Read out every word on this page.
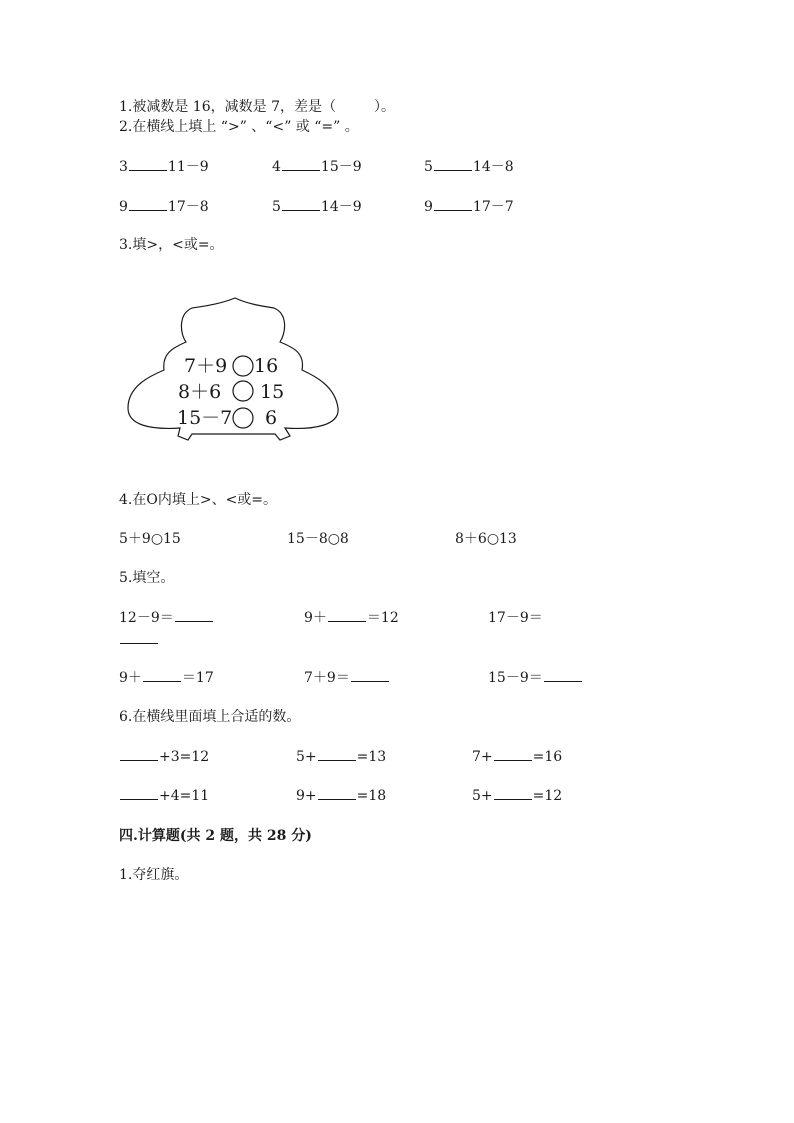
1.被减数是 16，减数是 7，差是（	）。
2.在横线上填上 “>” 、“<” 或 “=” 。
3	11－9	4	15－9	5	14－8
9	17－8	5	14－9	9	17－7
3.填>，<或=。
7＋9 16
8＋6 15
15－7 6
4.在O内填上>、<或=。
5＋9○15	15－8○8	8＋6○13
5.填空。
12－9＝	9＋	＝12	17－9＝
9＋	＝17	7＋9＝	15－9＝
6.在横线里面填上合适的数。
+3=12	5+	=13	7+	=16
+4=11	9+	=18	5+	=12
四.计算题(共 2 题，共 28 分)
1.夺红旗。
